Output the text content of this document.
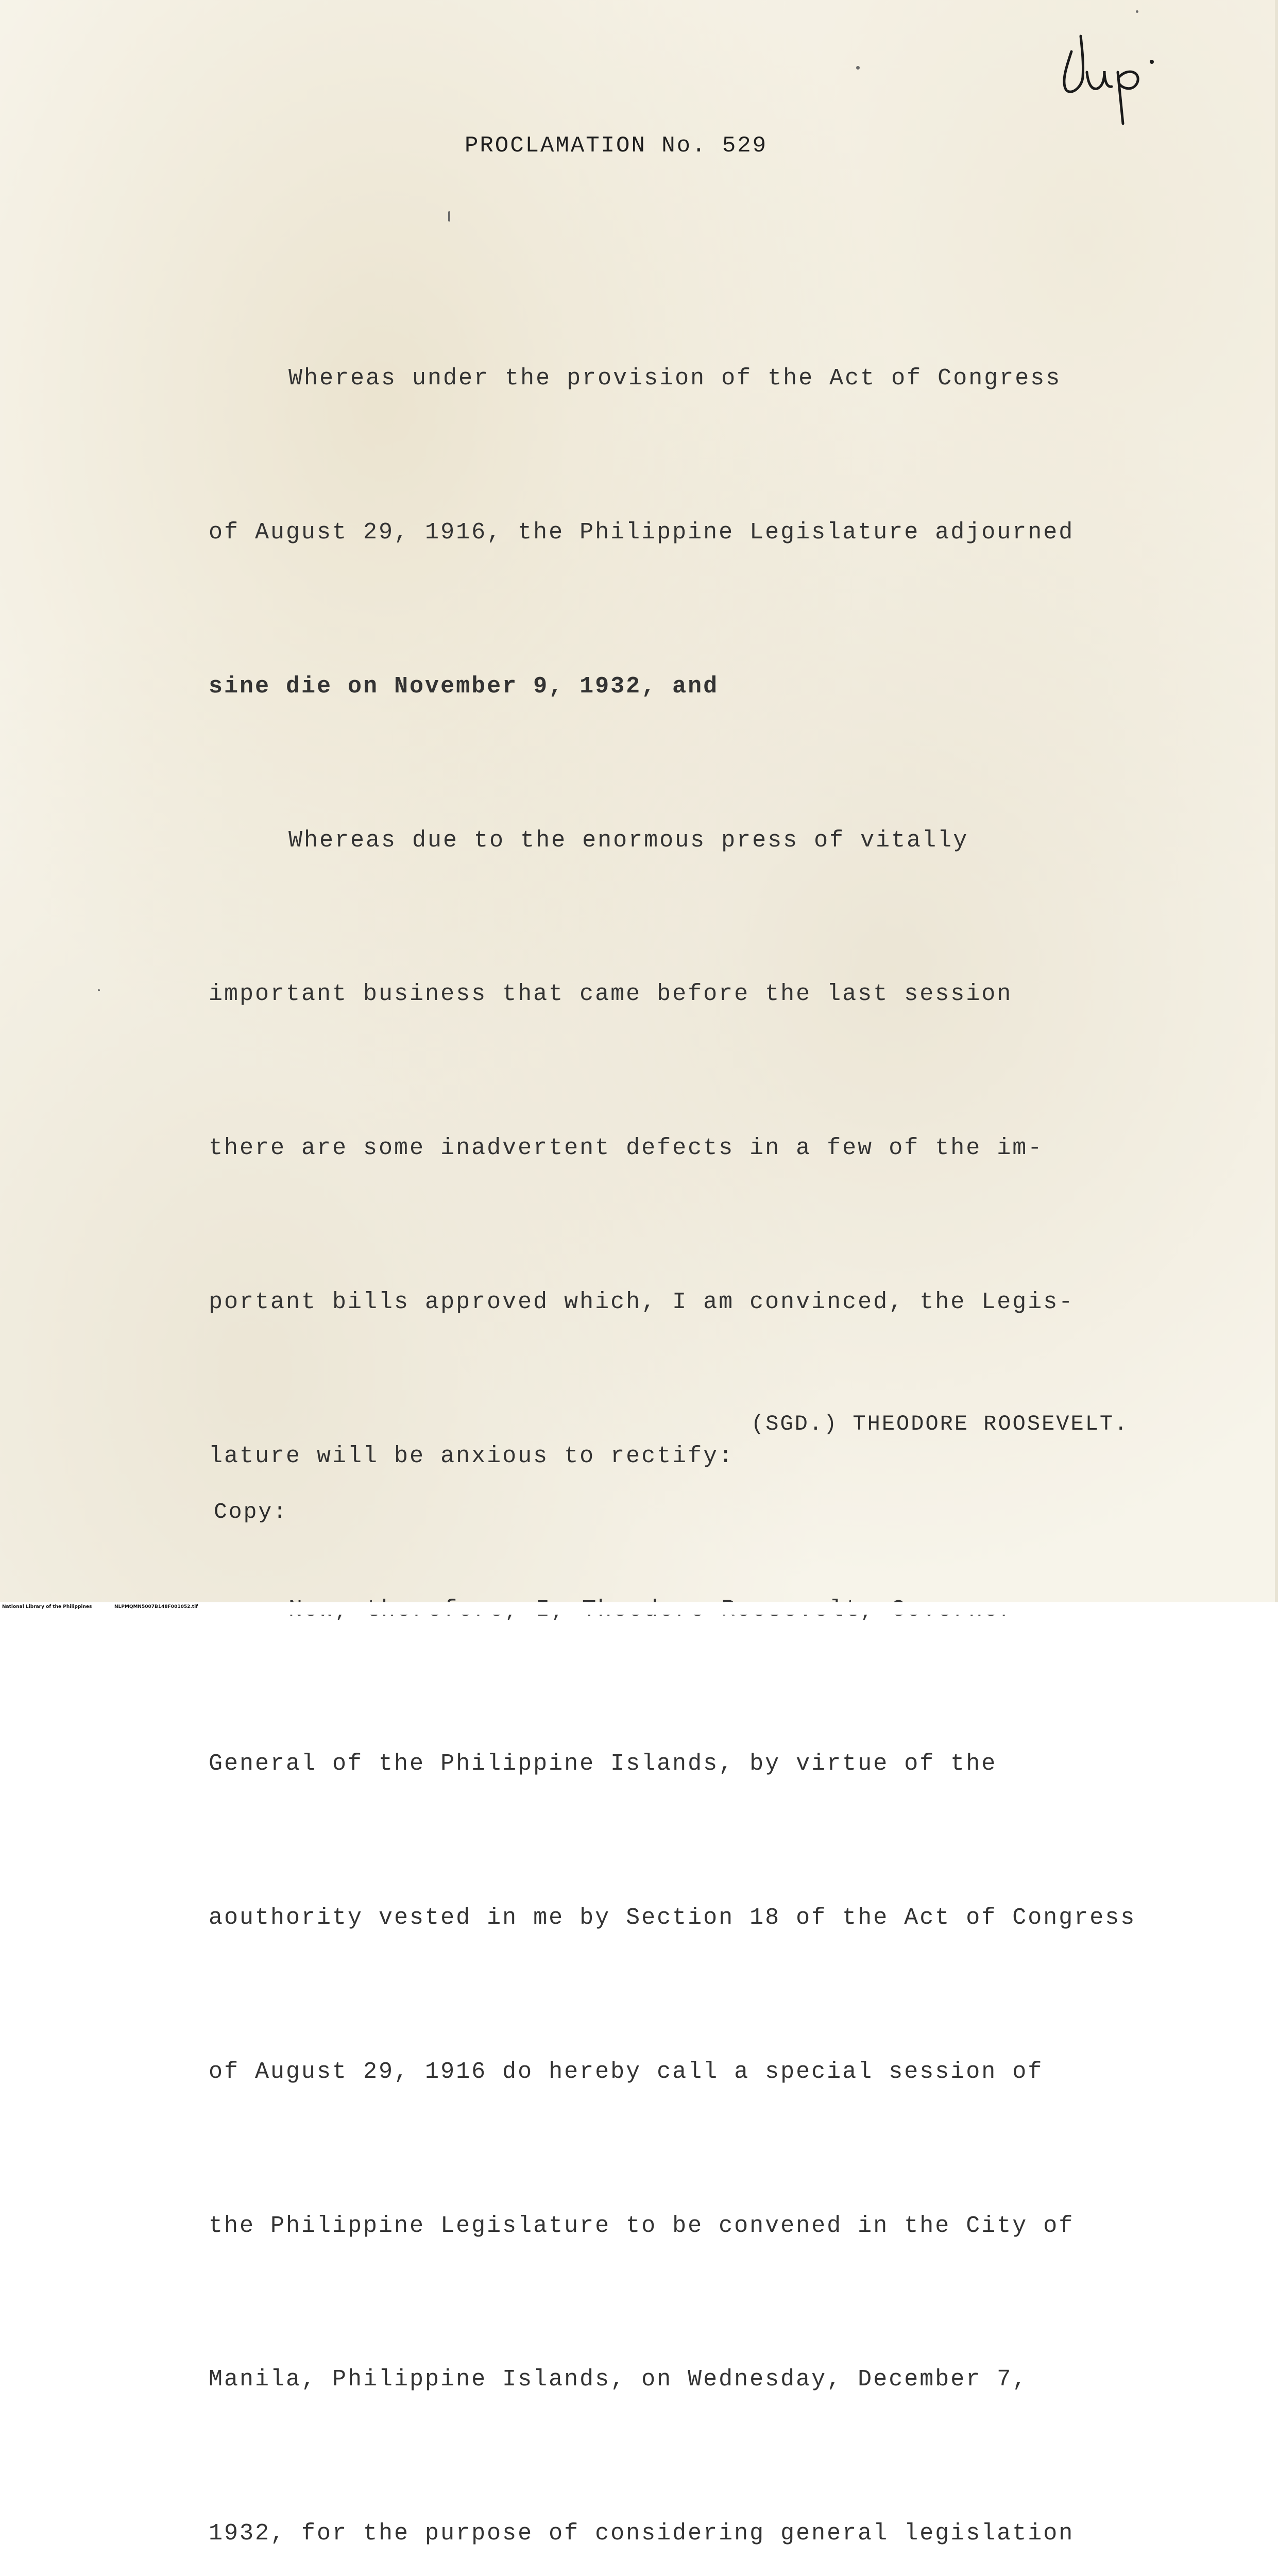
dup.

PROCLAMATION No. 529

Whereas under the provision of the Act of Congress

of August 29, 1916, the Philippine Legislature adjourned

sine die on November 9, 1932, and

Whereas due to the enormous press of vitally

important business that came before the last session

there are some inadvertent defects in a few of the im-

portant bills approved which, I am convinced, the Legis-

lature will be anxious to rectify:

General of the Philippine Islands, by virtue of the

aouthority vested in me by Section 18 of the Act of Congress

of August 29, 1916 do hereby call a special session of

the Philippine Legislature to be convened in the City of

Manila, Philippine Islands, on Wednesday, December 7,

1932, for the purpose of considering general legislation

(SGD.) THEODORE ROOSEVELT.

Copy:

National Library of the Philippines	NLPMQMN5007B148F001052.tif
